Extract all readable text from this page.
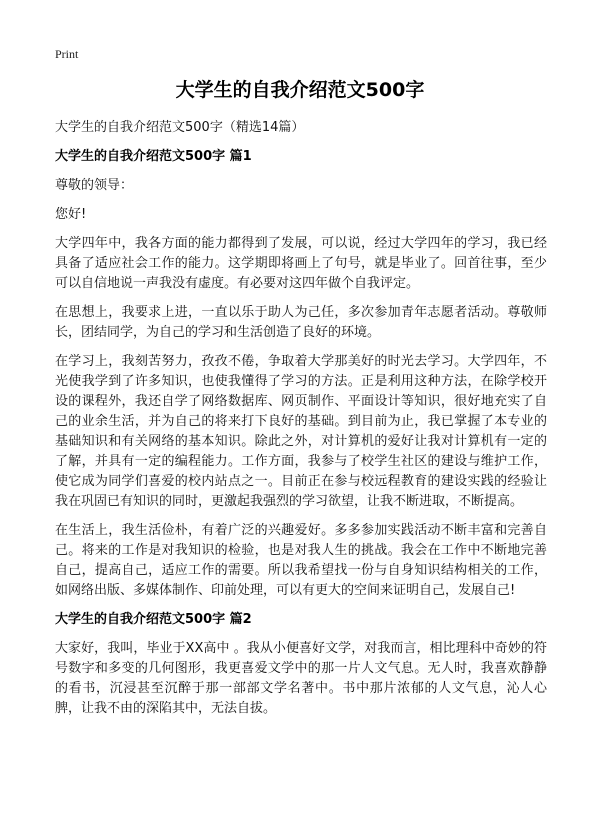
Print
大学生的自我介绍范文500字
大学生的自我介绍范文500字（精选14篇）
大学生的自我介绍范文500字 篇1

尊敬的领导：

您好!

大学四年中，我各方面的能力都得到了发展，可以说，经过大学四年的学习，我已经具备了适应社会工作的能力。这学期即将画上了句号，就是毕业了。回首往事，至少可以自信地说一声我没有虚度。有必要对这四年做个自我评定。

在思想上，我要求上进，一直以乐于助人为己任，多次参加青年志愿者活动。尊敬师长，团结同学，为自己的学习和生活创造了良好的环境。

在学习上，我刻苦努力，孜孜不倦，争取着大学那美好的时光去学习。大学四年，不光使我学到了许多知识，也使我懂得了学习的方法。正是利用这种方法，在除学校开设的课程外，我还自学了网络数据库、网页制作、平面设计等知识，很好地充实了自己的业余生活，并为自己的将来打下良好的基础。到目前为止，我已掌握了本专业的基础知识和有关网络的基本知识。除此之外，对计算机的爱好让我对计算机有一定的了解，并具有一定的编程能力。工作方面，我参与了校学生社区的建设与维护工作，使它成为同学们喜爱的校内站点之一。目前正在参与校远程教育的建设实践的经验让我在巩固已有知识的同时，更激起我强烈的学习欲望，让我不断进取，不断提高。

在生活上，我生活俭朴，有着广泛的兴趣爱好。多多参加实践活动不断丰富和完善自己。将来的工作是对我知识的检验，也是对我人生的挑战。我会在工作中不断地完善自己，提高自己，适应工作的需要。所以我希望找一份与自身知识结构相关的工作，如网络出版、多媒体制作、印前处理，可以有更大的空间来证明自己，发展自己!

大学生的自我介绍范文500字 篇2

大家好，我叫，毕业于XX高中 。我从小便喜好文学，对我而言，相比理科中奇妙的符号数字和多变的几何图形，我更喜爱文学中的那一片人文气息。无人时，我喜欢静静的看书，沉浸甚至沉醉于那一部部文学名著中。书中那片浓郁的人文气息，沁人心脾，让我不由的深陷其中，无法自拔。
